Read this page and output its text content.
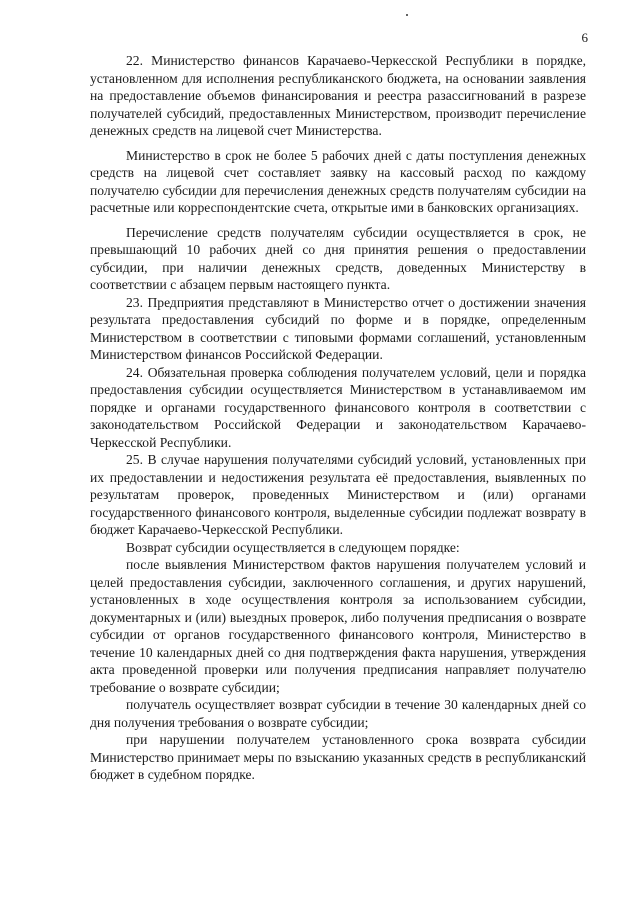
6

22. Министерство финансов Карачаево-Черкесской Республики в порядке, установленном для исполнения республиканского бюджета, на основании заявления на предоставление объемов финансирования и реестра разассигнований в разрезе получателей субсидий, предоставленных Министерством, производит перечисление денежных средств на лицевой счет Министерства.

Министерство в срок не более 5 рабочих дней с даты поступления денежных средств на лицевой счет составляет заявку на кассовый расход по каждому получателю субсидии для перечисления денежных средств получателям субсидии на расчетные или корреспондентские счета, открытые ими в банковских организациях.

Перечисление средств получателям субсидии осуществляется в срок, не превышающий 10 рабочих дней со дня принятия решения о предоставлении субсидии, при наличии денежных средств, доведенных Министерству в соответствии с абзацем первым настоящего пункта.

23. Предприятия представляют в Министерство отчет о достижении значения результата предоставления субсидий по форме и в порядке, определенным Министерством в соответствии с типовыми формами соглашений, установленным Министерством финансов Российской Федерации.

24. Обязательная проверка соблюдения получателем условий, цели и порядка предоставления субсидии осуществляется Министерством в устанавливаемом им порядке и органами государственного финансового контроля в соответствии с законодательством Российской Федерации и законодательством Карачаево-Черкесской Республики.

25. В случае нарушения получателями субсидий условий, установленных при их предоставлении и недостижения результата её предоставления, выявленных по результатам проверок, проведенных Министерством и (или) органами государственного финансового контроля, выделенные субсидии подлежат возврату в бюджет Карачаево-Черкесской Республики.

Возврат субсидии осуществляется в следующем порядке:

после выявления Министерством фактов нарушения получателем условий и целей предоставления субсидии, заключенного соглашения, и других нарушений, установленных в ходе осуществления контроля за использованием субсидии, документарных и (или) выездных проверок, либо получения предписания о возврате субсидии от органов государственного финансового контроля, Министерство в течение 10 календарных дней со дня подтверждения факта нарушения, утверждения акта проведенной проверки или получения предписания направляет получателю требование о возврате субсидии;

получатель осуществляет возврат субсидии в течение 30 календарных дней со дня получения требования о возврате субсидии;

при нарушении получателем установленного срока возврата субсидии Министерство принимает меры по взысканию указанных средств в республиканский бюджет в судебном порядке.
